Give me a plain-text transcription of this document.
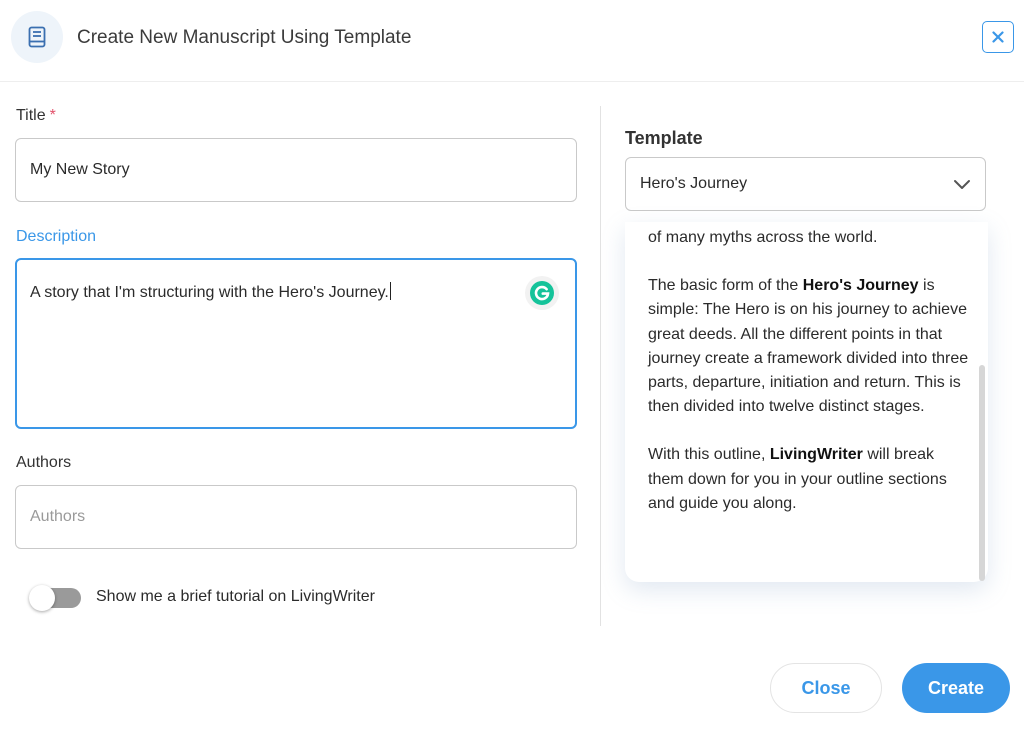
Create New Manuscript Using Template
Title *
My New Story
Description
A story that I'm structuring with the Hero's Journey.
Authors
Authors
Show me a brief tutorial on LivingWriter
Template
Hero's Journey

of many myths across the world.

The basic form of the Hero's Journey is simple: The Hero is on his journey to achieve great deeds. All the different points in that journey create a framework divided into three parts, departure, initiation and return. This is then divided into twelve distinct stages.

With this outline, LivingWriter will break them down for you in your outline sections and guide you along.

Close	Create
